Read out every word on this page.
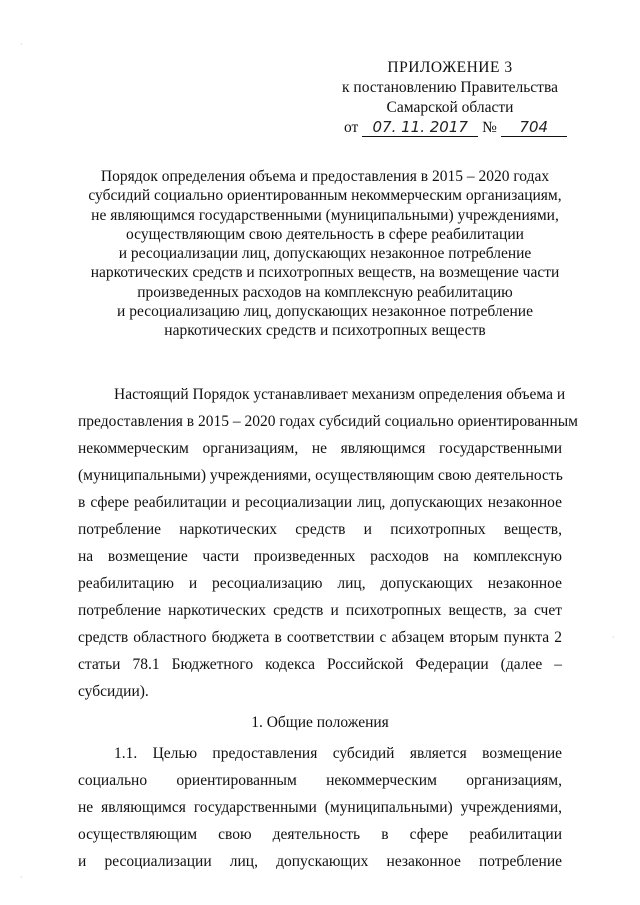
·
·
·
ПРИЛОЖЕНИЕ 3
к постановлению Правительства
Самарской области
от 07. 11. 2017 № 704
Порядок определения объема и предоставления в 2015 – 2020 годах
субсидий социально ориентированным некоммерческим организациям,
не являющимся государственными (муниципальными) учреждениями,
осуществляющим свою деятельность в сфере реабилитации
и ресоциализации лиц, допускающих незаконное потребление
наркотических средств и психотропных веществ, на возмещение части
произведенных расходов на комплексную реабилитацию
и ресоциализацию лиц, допускающих незаконное потребление
наркотических средств и психотропных веществ
Настоящий Порядок устанавливает механизм определения объема и
предоставления в 2015 – 2020 годах субсидий социально ориентированным
некоммерческим организациям, не являющимся государственными
(муниципальными) учреждениями, осуществляющим свою деятельность
в сфере реабилитации и ресоциализации лиц, допускающих незаконное
потребление наркотических средств и психотропных веществ,
на возмещение части произведенных расходов на комплексную
реабилитацию и ресоциализацию лиц, допускающих незаконное
потребление наркотических средств и психотропных веществ, за счет
средств областного бюджета в соответствии с абзацем вторым пункта 2
статьи 78.1 Бюджетного кодекса Российской Федерации (далее –
субсидии).
1. Общие положения
1.1. Целью предоставления субсидий является возмещение
социально ориентированным некоммерческим организациям,
не являющимся государственными (муниципальными) учреждениями,
осуществляющим свою деятельность в сфере реабилитации
и ресоциализации лиц, допускающих незаконное потребление
